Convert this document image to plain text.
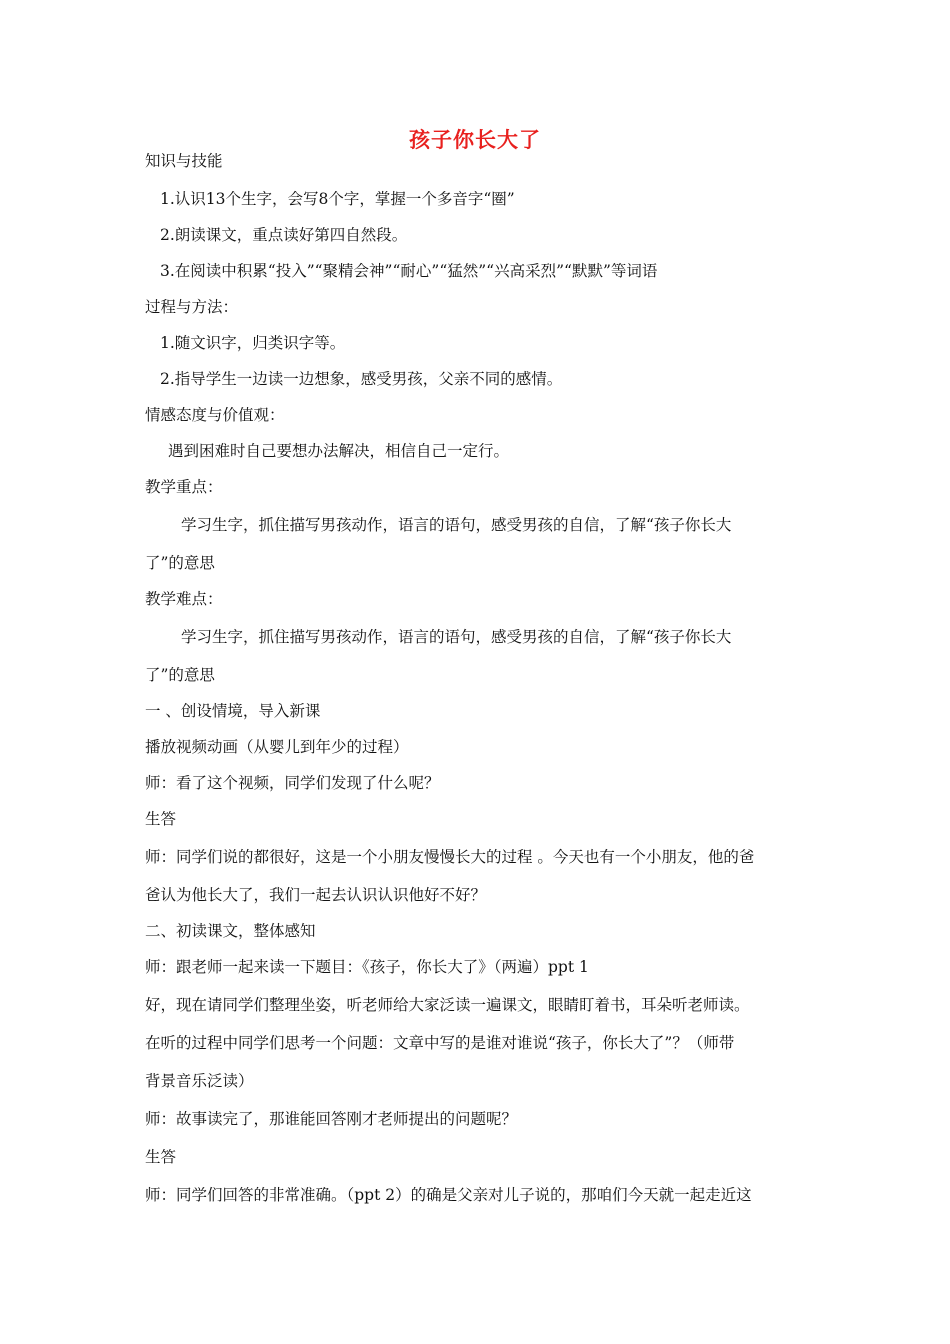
孩子你长大了
知识与技能
1.认识13个生字，会写8个字，掌握一个多音字“圈”
2.朗读课文，重点读好第四自然段。
3.在阅读中积累“投入”“聚精会神”“耐心”“猛然”“兴高采烈”“默默”等词语
过程与方法：
1.随文识字，归类识字等。
2.指导学生一边读一边想象，感受男孩，父亲不同的感情。
情感态度与价值观：
遇到困难时自己要想办法解决，相信自己一定行。
教学重点：
学习生字，抓住描写男孩动作，语言的语句，感受男孩的自信，了解“孩子你长大
了”的意思
教学难点：
学习生字，抓住描写男孩动作，语言的语句，感受男孩的自信，了解“孩子你长大
了”的意思
一 、创设情境，导入新课
播放视频动画（从婴儿到年少的过程）
师：看了这个视频，同学们发现了什么呢？
生答
师：同学们说的都很好，这是一个小朋友慢慢长大的过程 。今天也有一个小朋友，他的爸
爸认为他长大了，我们一起去认识认识他好不好？
二、初读课文，整体感知
师：跟老师一起来读一下题目：《孩子，你长大了》（两遍）ppt 1
好，现在请同学们整理坐姿，听老师给大家泛读一遍课文，眼睛盯着书，耳朵听老师读。
在听的过程中同学们思考一个问题：文章中写的是谁对谁说“孩子，你长大了”？（师带
背景音乐泛读）
师：故事读完了，那谁能回答刚才老师提出的问题呢？
生答
师：同学们回答的非常准确。（ppt 2）的确是父亲对儿子说的，那咱们今天就一起走近这
